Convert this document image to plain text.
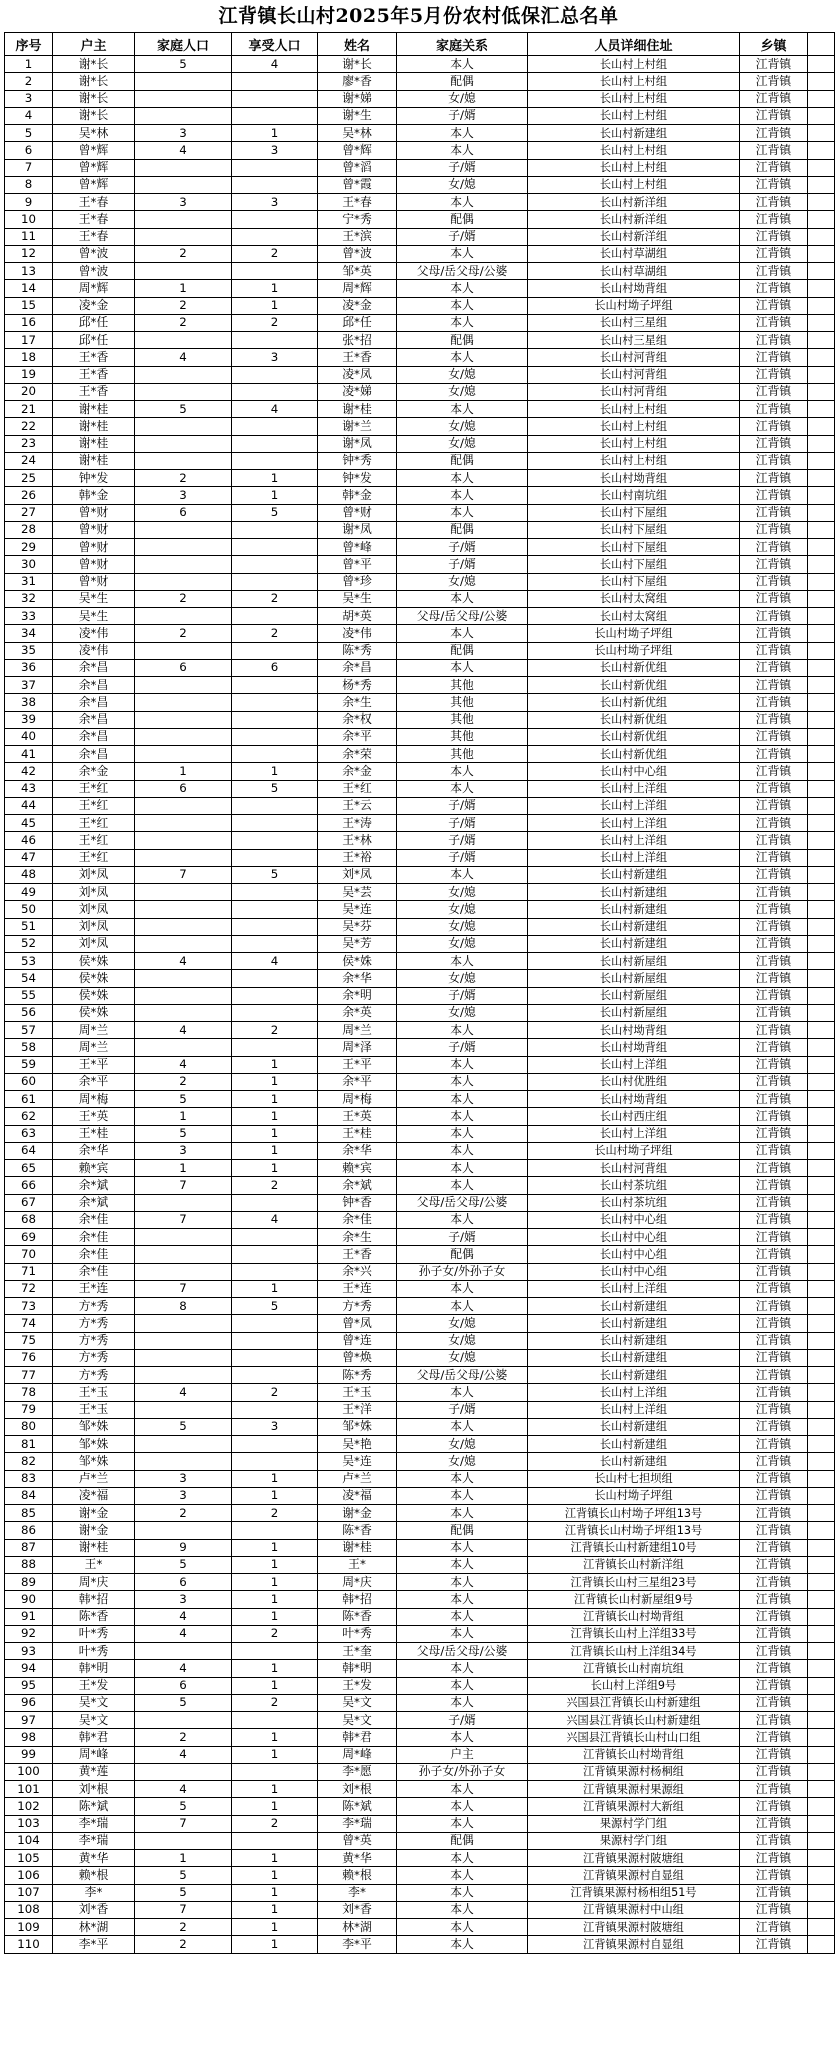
江背镇长山村2025年5月份农村低保汇总名单
序号	户主	家庭人口	享受人口	姓名	家庭关系	人员详细住址	乡镇	
1	谢*长	5	4	谢*长	本人	长山村上村组	江背镇	
2	谢*长			廖*香	配偶	长山村上村组	江背镇	
3	谢*长			谢*娣	女/媳	长山村上村组	江背镇	
4	谢*长			谢*生	子/婿	长山村上村组	江背镇	
5	吴*林	3	1	吴*林	本人	长山村新建组	江背镇	
6	曾*辉	4	3	曾*辉	本人	长山村上村组	江背镇	
7	曾*辉			曾*滔	子/婿	长山村上村组	江背镇	
8	曾*辉			曾*霞	女/媳	长山村上村组	江背镇	
9	王*春	3	3	王*春	本人	长山村新洋组	江背镇	
10	王*春			宁*秀	配偶	长山村新洋组	江背镇	
11	王*春			王*滨	子/婿	长山村新洋组	江背镇	
12	曾*波	2	2	曾*波	本人	长山村草湖组	江背镇	
13	曾*波			邹*英	父母/岳父母/公婆	长山村草湖组	江背镇	
14	周*辉	1	1	周*辉	本人	长山村坳背组	江背镇	
15	凌*金	2	1	凌*金	本人	长山村坳子坪组	江背镇	
16	邱*任	2	2	邱*任	本人	长山村三星组	江背镇	
17	邱*任			张*招	配偶	长山村三星组	江背镇	
18	王*香	4	3	王*香	本人	长山村河背组	江背镇	
19	王*香			凌*凤	女/媳	长山村河背组	江背镇	
20	王*香			凌*娣	女/媳	长山村河背组	江背镇	
21	谢*桂	5	4	谢*桂	本人	长山村上村组	江背镇	
22	谢*桂			谢*兰	女/媳	长山村上村组	江背镇	
23	谢*桂			谢*凤	女/媳	长山村上村组	江背镇	
24	谢*桂			钟*秀	配偶	长山村上村组	江背镇	
25	钟*发	2	1	钟*发	本人	长山村坳背组	江背镇	
26	韩*金	3	1	韩*金	本人	长山村南坑组	江背镇	
27	曾*财	6	5	曾*财	本人	长山村下屋组	江背镇	
28	曾*财			谢*凤	配偶	长山村下屋组	江背镇	
29	曾*财			曾*峰	子/婿	长山村下屋组	江背镇	
30	曾*财			曾*平	子/婿	长山村下屋组	江背镇	
31	曾*财			曾*珍	女/媳	长山村下屋组	江背镇	
32	吴*生	2	2	吴*生	本人	长山村太窝组	江背镇	
33	吴*生			胡*英	父母/岳父母/公婆	长山村太窝组	江背镇	
34	凌*伟	2	2	凌*伟	本人	长山村坳子坪组	江背镇	
35	凌*伟			陈*秀	配偶	长山村坳子坪组	江背镇	
36	余*昌	6	6	余*昌	本人	长山村新优组	江背镇	
37	余*昌			杨*秀	其他	长山村新优组	江背镇	
38	余*昌			余*生	其他	长山村新优组	江背镇	
39	余*昌			余*权	其他	长山村新优组	江背镇	
40	余*昌			余*平	其他	长山村新优组	江背镇	
41	余*昌			余*荣	其他	长山村新优组	江背镇	
42	余*金	1	1	余*金	本人	长山村中心组	江背镇	
43	王*红	6	5	王*红	本人	长山村上洋组	江背镇	
44	王*红			王*云	子/婿	长山村上洋组	江背镇	
45	王*红			王*涛	子/婿	长山村上洋组	江背镇	
46	王*红			王*林	子/婿	长山村上洋组	江背镇	
47	王*红			王*裕	子/婿	长山村上洋组	江背镇	
48	刘*凤	7	5	刘*凤	本人	长山村新建组	江背镇	
49	刘*凤			吴*芸	女/媳	长山村新建组	江背镇	
50	刘*凤			吴*连	女/媳	长山村新建组	江背镇	
51	刘*凤			吴*芬	女/媳	长山村新建组	江背镇	
52	刘*凤			吴*芳	女/媳	长山村新建组	江背镇	
53	侯*姝	4	4	侯*姝	本人	长山村新屋组	江背镇	
54	侯*姝			余*华	女/媳	长山村新屋组	江背镇	
55	侯*姝			余*明	子/婿	长山村新屋组	江背镇	
56	侯*姝			余*英	女/媳	长山村新屋组	江背镇	
57	周*兰	4	2	周*兰	本人	长山村坳背组	江背镇	
58	周*兰			周*泽	子/婿	长山村坳背组	江背镇	
59	王*平	4	1	王*平	本人	长山村上洋组	江背镇	
60	余*平	2	1	余*平	本人	长山村优胜组	江背镇	
61	周*梅	5	1	周*梅	本人	长山村坳背组	江背镇	
62	王*英	1	1	王*英	本人	长山村西庄组	江背镇	
63	王*桂	5	1	王*桂	本人	长山村上洋组	江背镇	
64	余*华	3	1	余*华	本人	长山村坳子坪组	江背镇	
65	赖*宾	1	1	赖*宾	本人	长山村河背组	江背镇	
66	余*斌	7	2	余*斌	本人	长山村茶坑组	江背镇	
67	余*斌			钟*香	父母/岳父母/公婆	长山村茶坑组	江背镇	
68	余*佳	7	4	余*佳	本人	长山村中心组	江背镇	
69	余*佳			余*生	子/婿	长山村中心组	江背镇	
70	余*佳			王*香	配偶	长山村中心组	江背镇	
71	余*佳			余*兴	孙子女/外孙子女	长山村中心组	江背镇	
72	王*连	7	1	王*连	本人	长山村上洋组	江背镇	
73	方*秀	8	5	方*秀	本人	长山村新建组	江背镇	
74	方*秀			曾*凤	女/媳	长山村新建组	江背镇	
75	方*秀			曾*连	女/媳	长山村新建组	江背镇	
76	方*秀			曾*焕	女/媳	长山村新建组	江背镇	
77	方*秀			陈*秀	父母/岳父母/公婆	长山村新建组	江背镇	
78	王*玉	4	2	王*玉	本人	长山村上洋组	江背镇	
79	王*玉			王*洋	子/婿	长山村上洋组	江背镇	
80	邹*姝	5	3	邹*姝	本人	长山村新建组	江背镇	
81	邹*姝			吴*艳	女/媳	长山村新建组	江背镇	
82	邹*姝			吴*连	女/媳	长山村新建组	江背镇	
83	卢*兰	3	1	卢*兰	本人	长山村七担坝组	江背镇	
84	凌*福	3	1	凌*福	本人	长山村坳子坪组	江背镇	
85	谢*金	2	2	谢*金	本人	江背镇长山村坳子坪组13号	江背镇	
86	谢*金			陈*香	配偶	江背镇长山村坳子坪组13号	江背镇	
87	谢*桂	9	1	谢*桂	本人	江背镇长山村新建组10号	江背镇	
88	王*	5	1	王*	本人	江背镇长山村新洋组	江背镇	
89	周*庆	6	1	周*庆	本人	江背镇长山村三星组23号	江背镇	
90	韩*招	3	1	韩*招	本人	江背镇长山村新屋组9号	江背镇	
91	陈*香	4	1	陈*香	本人	江背镇长山村坳背组	江背镇	
92	叶*秀	4	2	叶*秀	本人	江背镇长山村上洋组33号	江背镇	
93	叶*秀			王*奎	父母/岳父母/公婆	江背镇长山村上洋组34号	江背镇	
94	韩*明	4	1	韩*明	本人	江背镇长山村南坑组	江背镇	
95	王*发	6	1	王*发	本人	长山村上洋组9号	江背镇	
96	吴*文	5	2	吴*文	本人	兴国县江背镇长山村新建组	江背镇	
97	吴*文			吴*文	子/婿	兴国县江背镇长山村新建组	江背镇	
98	韩*君	2	1	韩*君	本人	兴国县江背镇长山村山口组	江背镇	
99	周*峰	4	1	周*峰	户主	江背镇长山村坳背组	江背镇	
100	黄*莲			李*愿	孙子女/外孙子女	江背镇果源村杨桐组	江背镇	
101	刘*根	4	1	刘*根	本人	江背镇果源村果源组	江背镇	
102	陈*斌	5	1	陈*斌	本人	江背镇果源村大新组	江背镇	
103	李*瑞	7	2	李*瑞	本人	果源村学门组	江背镇	
104	李*瑞			曾*英	配偶	果源村学门组	江背镇	
105	黄*华	1	1	黄*华	本人	江背镇果源村陂塘组	江背镇	
106	赖*根	5	1	赖*根	本人	江背镇果源村自显组	江背镇	
107	李*	5	1	李*	本人	江背镇果源村杨相组51号	江背镇	
108	刘*香	7	1	刘*香	本人	江背镇果源村中山组	江背镇	
109	林*湖	2	1	林*湖	本人	江背镇果源村陂塘组	江背镇	
110	李*平	2	1	李*平	本人	江背镇果源村自显组	江背镇	
